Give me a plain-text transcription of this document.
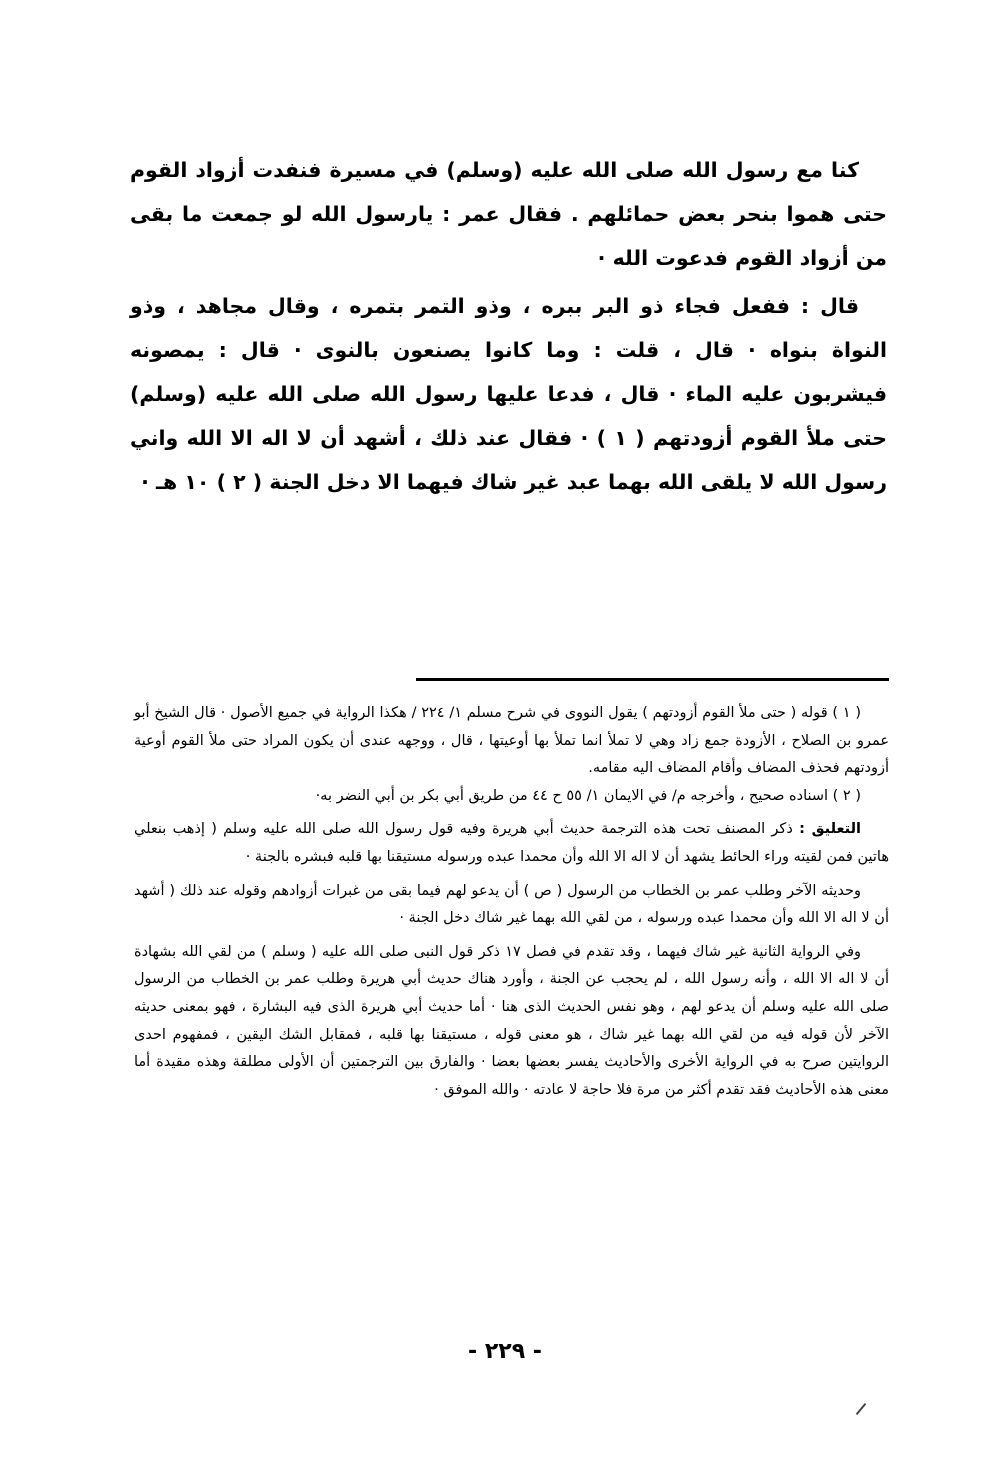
كنا مع رسول الله صلى الله عليه (وسلم) في مسيرة فنفدت أزواد القوم حتى هموا بنحر بعض حمائلهم . فقال عمر : يارسول الله لو جمعت ما بقى من أزواد القوم فدعوت الله ·

قال : ففعل فجاء ذو البر ببره ، وذو التمر بتمره ، وقال مجاهد ، وذو النواة بنواه · قال ، قلت : وما كانوا يصنعون بالنوى · قال : يمصونه فيشربون عليه الماء · قال ، فدعا عليها رسول الله صلى الله عليه (وسلم) حتى ملأ القوم أزودتهم ( ١ ) · فقال عند ذلك ، أشهد أن لا اله الا الله واني رسول الله لا يلقى الله بهما عبد غير شاك فيهما الا دخل الجنة ( ٢ ) ١٠ هـ ·

( ١ ) قوله ( حتى ملأ القوم أزودتهم ) يقول النووى في شرح مسلم ١/ ٢٢٤ / هكذا الرواية في جميع الأصول · قال الشيخ أبو عمرو بن الصلاح ، الأزودة جمع زاد وهي لا تملأ انما تملأ بها أوعيتها ، قال ، ووجهه عندى أن يكون المراد حتى ملأ القوم أوعية أزودتهم فحذف المضاف وأقام المضاف اليه مقامه.

( ٢ ) اسناده صحيح ، وأخرجه م/ في الايمان ١/ ٥٥ ح ٤٤ من طريق أبي بكر بن أبي النضر به·

التعليق : ذكر المصنف تحت هذه الترجمة حديث أبي هريرة وفيه قول رسول الله صلى الله عليه وسلم ( إذهب بنعلي هاتين فمن لقيته وراء الحائط يشهد أن لا اله الا الله وأن محمدا عبده ورسوله مستيقنا بها قلبه فبشره بالجنة ·

وحديثه الآخر وطلب عمر بن الخطاب من الرسول ( ص ) أن يدعو لهم فيما بقى من غبرات أزوادهم وقوله عند ذلك ( أشهد أن لا اله الا الله وأن محمدا عبده ورسوله ، من لقي الله بهما غير شاك دخل الجنة ·

وفي الرواية الثانية غير شاك فيهما ، وقد تقدم في فصل ١٧ ذكر قول النبى صلى الله عليه ( وسلم ) من لقي الله بشهادة أن لا اله الا الله ، وأنه رسول الله ، لم يحجب عن الجنة ، وأورد هناك حديث أبي هريرة وطلب عمر بن الخطاب من الرسول صلى الله عليه وسلم أن يدعو لهم ، وهو نفس الحديث الذى هنا · أما حديث أبي هريرة الذى فيه البشارة ، فهو بمعنى حديثه الآخر لأن قوله فيه من لقي الله بهما غير شاك ، هو معنى قوله ، مستيقنا بها قلبه ، فمقابل الشك اليقين ، فمفهوم احدى الروايتين صرح به في الرواية الأخرى والأحاديث يفسر بعضها بعضا · والفارق بين الترجمتين أن الأولى مطلقة وهذه مقيدة أما معنى هذه الأحاديث فقد تقدم أكثر من مرة فلا حاجة لا عادته · والله الموفق ·

- ٢٢٩ -
